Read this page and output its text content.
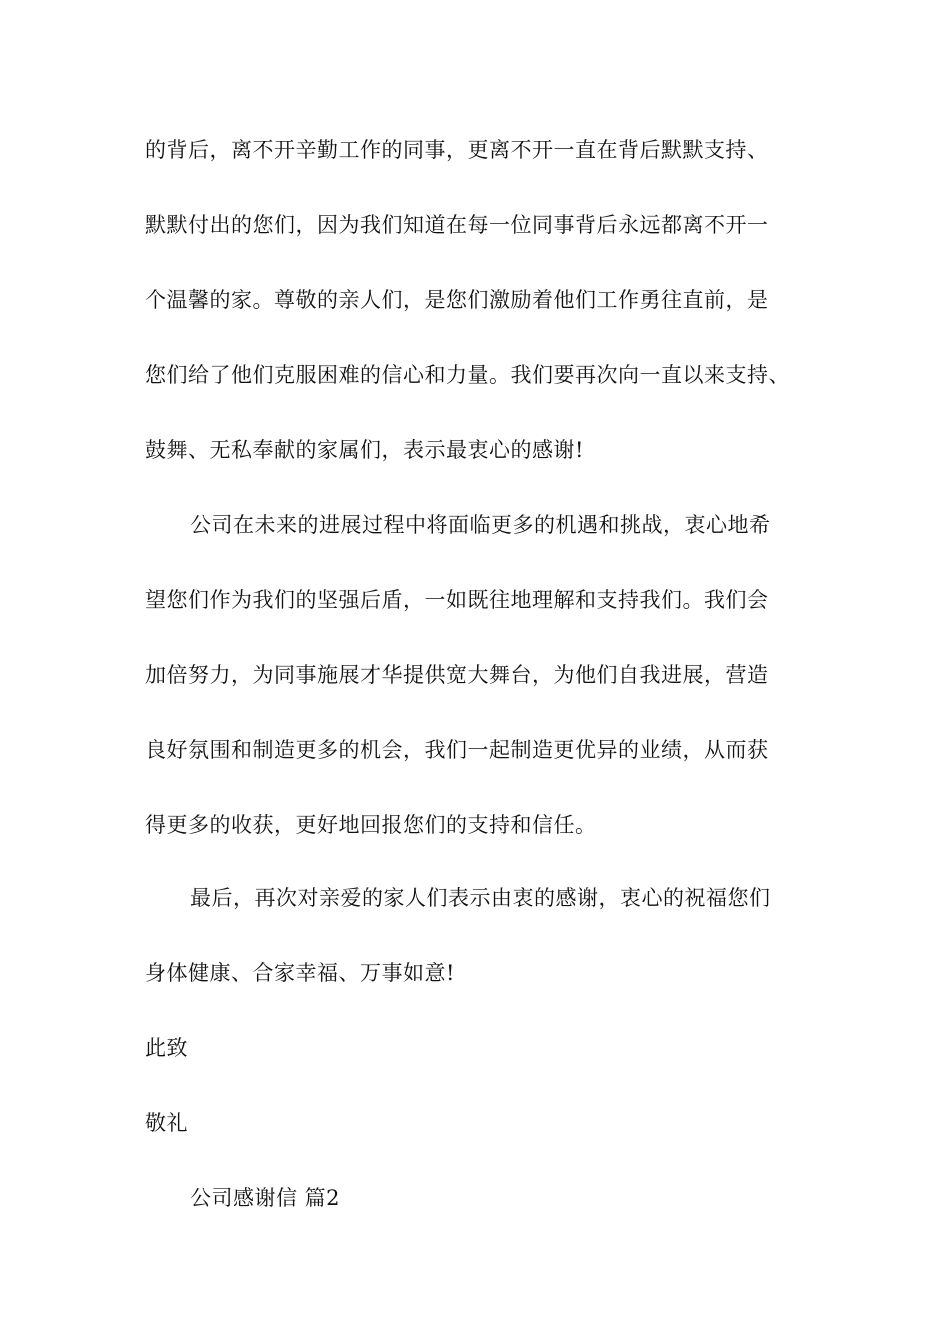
的背后，离不开辛勤工作的同事，更离不开一直在背后默默支持、
默默付出的您们，因为我们知道在每一位同事背后永远都离不开一
个温馨的家。尊敬的亲人们，是您们激励着他们工作勇往直前，是
您们给了他们克服困难的信心和力量。我们要再次向一直以来支持、
鼓舞、无私奉献的家属们，表示最衷心的感谢!
公司在未来的进展过程中将面临更多的机遇和挑战，衷心地希
望您们作为我们的坚强后盾，一如既往地理解和支持我们。我们会
加倍努力，为同事施展才华提供宽大舞台，为他们自我进展，营造
良好氛围和制造更多的机会，我们一起制造更优异的业绩，从而获
得更多的收获，更好地回报您们的支持和信任。
最后，再次对亲爱的家人们表示由衷的感谢，衷心的祝福您们
身体健康、合家幸福、万事如意!
此致
敬礼
公司感谢信 篇2
